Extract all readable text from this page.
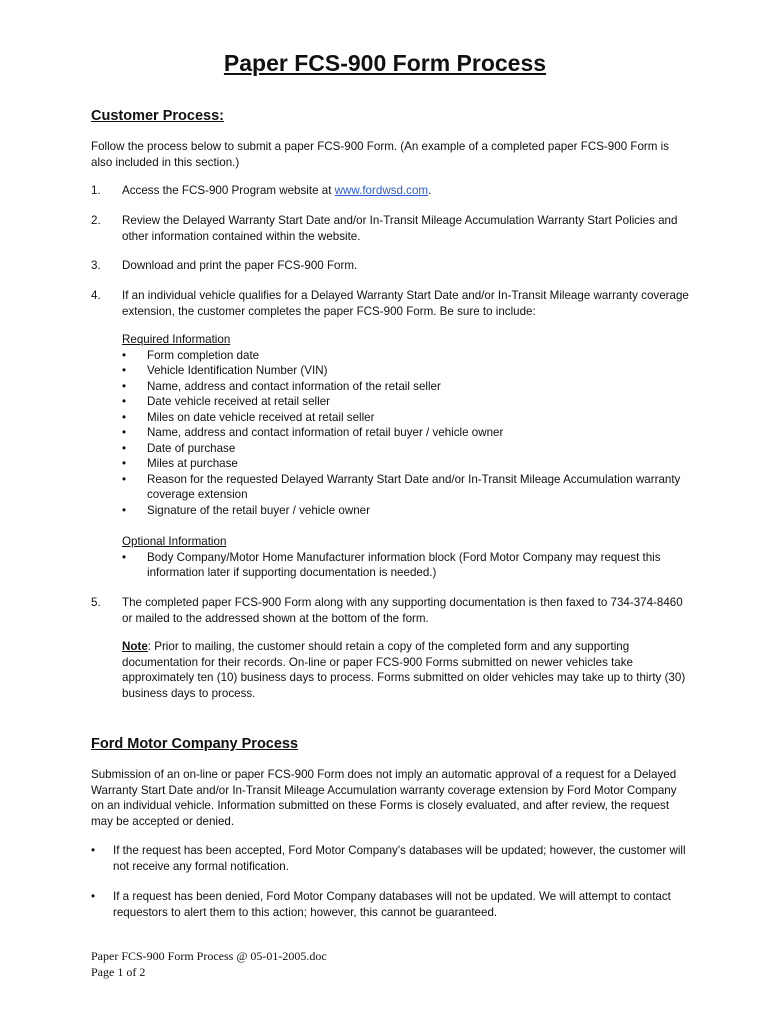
Paper FCS-900 Form Process
Customer Process:
Follow the process below to submit a paper FCS-900 Form. (An example of a completed paper FCS-900 Form is also included in this section.)
1. Access the FCS-900 Program website at www.fordwsd.com.
2. Review the Delayed Warranty Start Date and/or In-Transit Mileage Accumulation Warranty Start Policies and other information contained within the website.
3. Download and print the paper FCS-900 Form.
4. If an individual vehicle qualifies for a Delayed Warranty Start Date and/or In-Transit Mileage warranty coverage extension, the customer completes the paper FCS-900 Form. Be sure to include:
Required Information
• Form completion date
• Vehicle Identification Number (VIN)
• Name, address and contact information of the retail seller
• Date vehicle received at retail seller
• Miles on date vehicle received at retail seller
• Name, address and contact information of retail buyer / vehicle owner
• Date of purchase
• Miles at purchase
• Reason for the requested Delayed Warranty Start Date and/or In-Transit Mileage Accumulation warranty coverage extension
• Signature of the retail buyer / vehicle owner
Optional Information
• Body Company/Motor Home Manufacturer information block (Ford Motor Company may request this information later if supporting documentation is needed.)
5. The completed paper FCS-900 Form along with any supporting documentation is then faxed to 734-374-8460 or mailed to the addressed shown at the bottom of the form.
Note: Prior to mailing, the customer should retain a copy of the completed form and any supporting documentation for their records. On-line or paper FCS-900 Forms submitted on newer vehicles take approximately ten (10) business days to process. Forms submitted on older vehicles may take up to thirty (30) business days to process.
Ford Motor Company Process
Submission of an on-line or paper FCS-900 Form does not imply an automatic approval of a request for a Delayed Warranty Start Date and/or In-Transit Mileage Accumulation warranty coverage extension by Ford Motor Company on an individual vehicle. Information submitted on these Forms is closely evaluated, and after review, the request may be accepted or denied.
• If the request has been accepted, Ford Motor Company's databases will be updated; however, the customer will not receive any formal notification.
• If a request has been denied, Ford Motor Company databases will not be updated. We will attempt to contact requestors to alert them to this action; however, this cannot be guaranteed.
Paper FCS-900 Form Process @ 05-01-2005.doc
Page 1 of 2
